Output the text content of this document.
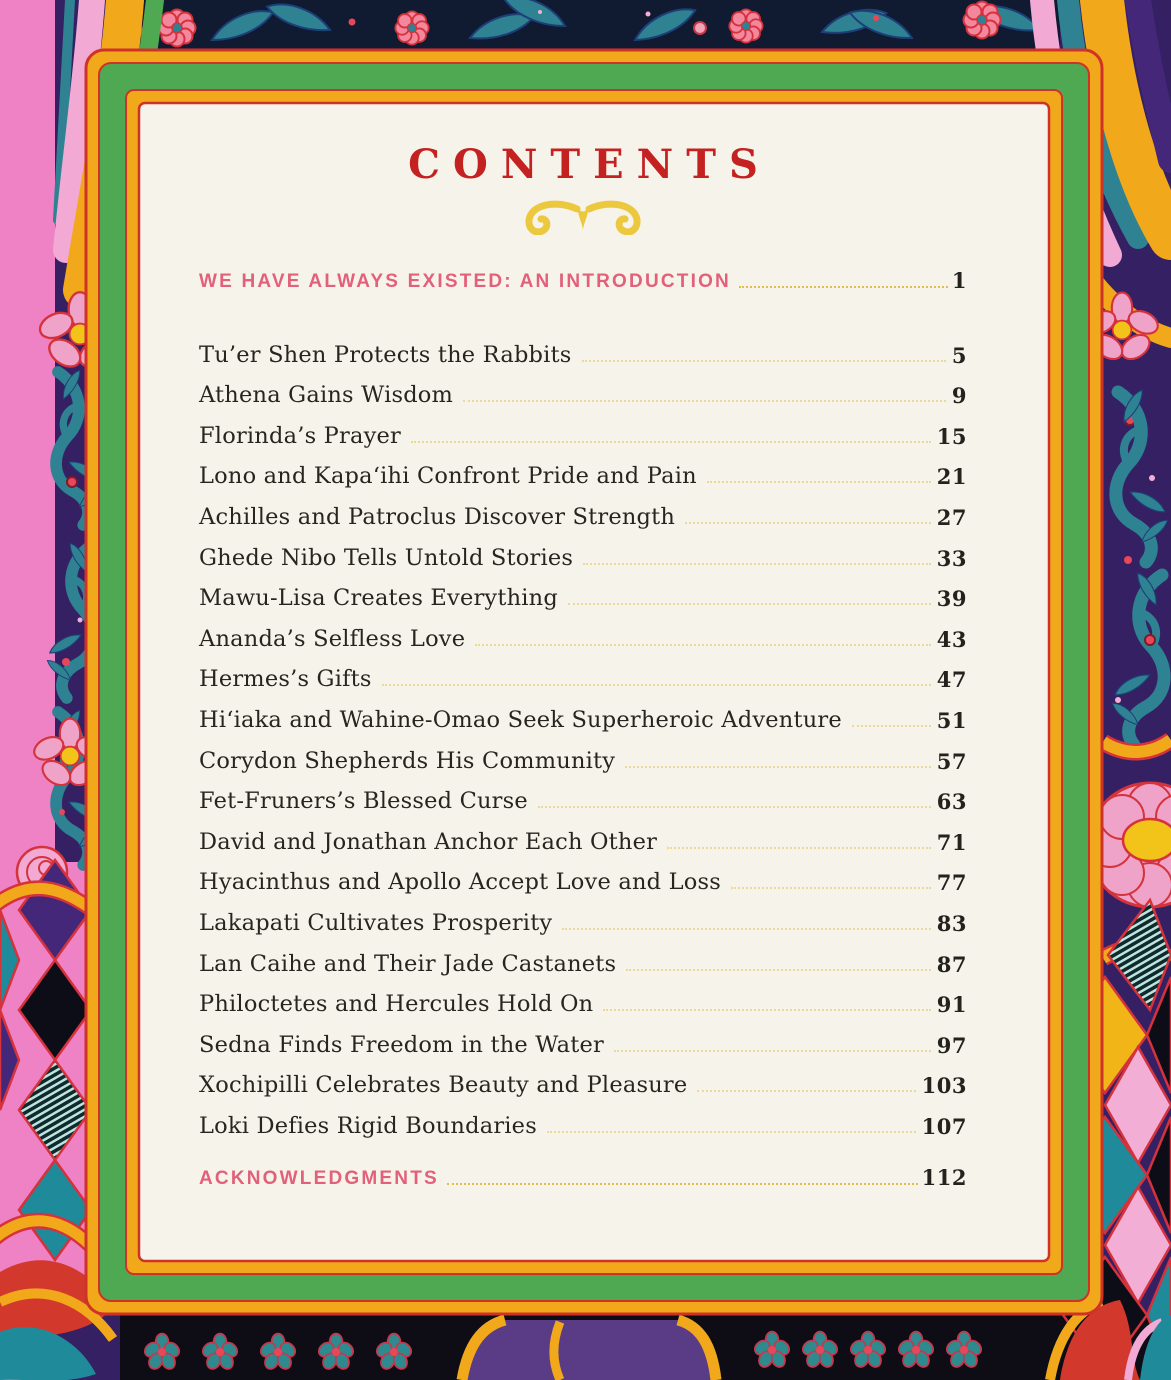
CONTENTS
WE HAVE ALWAYS EXISTED: AN INTRODUCTION	1
Tu’er Shen Protects the Rabbits	5
Athena Gains Wisdom	9
Florinda’s Prayer	15
Lono and Kapaʻihi Confront Pride and Pain	21
Achilles and Patroclus Discover Strength	27
Ghede Nibo Tells Untold Stories	33
Mawu-Lisa Creates Everything	39
Ananda’s Selfless Love	43
Hermes’s Gifts	47
Hiʻiaka and Wahine-Omao Seek Superheroic Adventure	51
Corydon Shepherds His Community	57
Fet-Fruners’s Blessed Curse	63
David and Jonathan Anchor Each Other	71
Hyacinthus and Apollo Accept Love and Loss	77
Lakapati Cultivates Prosperity	83
Lan Caihe and Their Jade Castanets	87
Philoctetes and Hercules Hold On	91
Sedna Finds Freedom in the Water	97
Xochipilli Celebrates Beauty and Pleasure	103
Loki Defies Rigid Boundaries	107
ACKNOWLEDGMENTS	112
